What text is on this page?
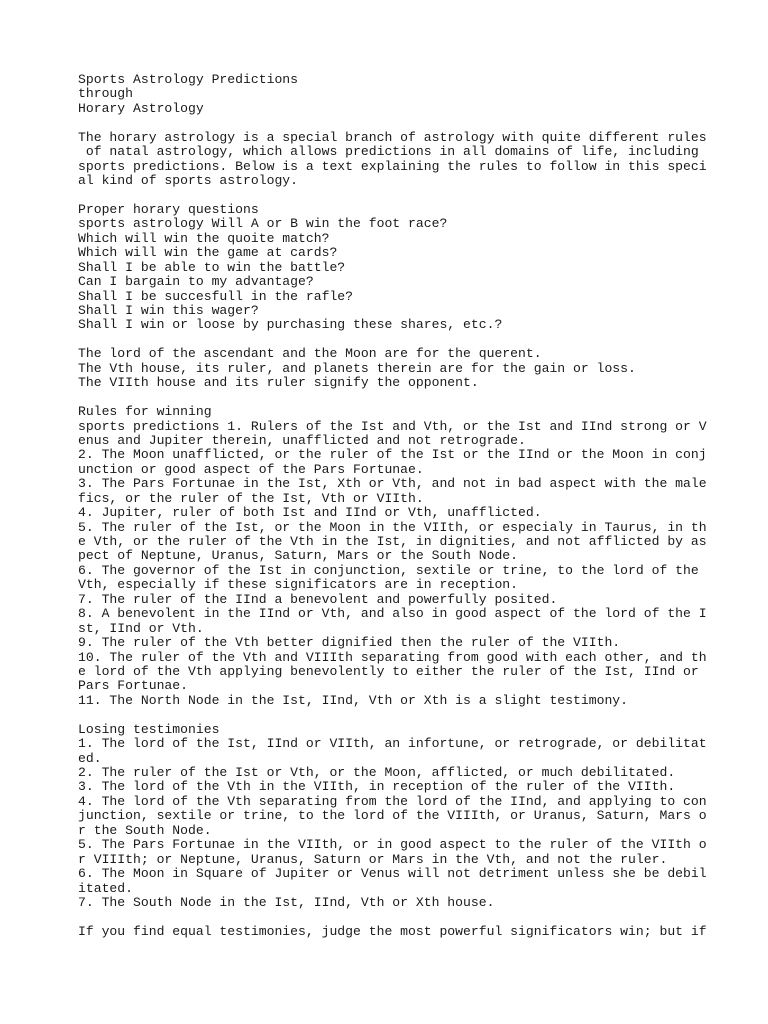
Sports Astrology Predictions
through
Horary Astrology

The horary astrology is a special branch of astrology with quite different rules
of natal astrology, which allows predictions in all domains of life, including
sports predictions. Below is a text explaining the rules to follow in this speci
al kind of sports astrology.

Proper horary questions
sports astrology Will A or B win the foot race?
Which will win the quoite match?
Which will win the game at cards?
Shall I be able to win the battle?
Can I bargain to my advantage?
Shall I be succesfull in the rafle?
Shall I win this wager?
Shall I win or loose by purchasing these shares, etc.?

The lord of the ascendant and the Moon are for the querent.
The Vth house, its ruler, and planets therein are for the gain or loss.
The VIIth house and its ruler signify the opponent.

Rules for winning
sports predictions 1. Rulers of the Ist and Vth, or the Ist and IInd strong or V
enus and Jupiter therein, unafflicted and not retrograde.
2. The Moon unafflicted, or the ruler of the Ist or the IInd or the Moon in conj
unction or good aspect of the Pars Fortunae.
3. The Pars Fortunae in the Ist, Xth or Vth, and not in bad aspect with the male
fics, or the ruler of the Ist, Vth or VIIth.
4. Jupiter, ruler of both Ist and IInd or Vth, unafflicted.
5. The ruler of the Ist, or the Moon in the VIIth, or especialy in Taurus, in th
e Vth, or the ruler of the Vth in the Ist, in dignities, and not afflicted by as
pect of Neptune, Uranus, Saturn, Mars or the South Node.
6. The governor of the Ist in conjunction, sextile or trine, to the lord of the
Vth, especially if these significators are in reception.
7. The ruler of the IInd a benevolent and powerfully posited.
8. A benevolent in the IInd or Vth, and also in good aspect of the lord of the I
st, IInd or Vth.
9. The ruler of the Vth better dignified then the ruler of the VIIth.
10. The ruler of the Vth and VIIIth separating from good with each other, and th
e lord of the Vth applying benevolently to either the ruler of the Ist, IInd or
Pars Fortunae.
11. The North Node in the Ist, IInd, Vth or Xth is a slight testimony.

Losing testimonies
1. The lord of the Ist, IInd or VIIth, an infortune, or retrograde, or debilitat
ed.
2. The ruler of the Ist or Vth, or the Moon, afflicted, or much debilitated.
3. The lord of the Vth in the VIIth, in reception of the ruler of the VIIth.
4. The lord of the Vth separating from the lord of the IInd, and applying to con
junction, sextile or trine, to the lord of the VIIIth, or Uranus, Saturn, Mars o
r the South Node.
5. The Pars Fortunae in the VIIth, or in good aspect to the ruler of the VIIth o
r VIIIth; or Neptune, Uranus, Saturn or Mars in the Vth, and not the ruler.
6. The Moon in Square of Jupiter or Venus will not detriment unless she be debil
itated.
7. The South Node in the Ist, IInd, Vth or Xth house.

If you find equal testimonies, judge the most powerful significators win; but if
